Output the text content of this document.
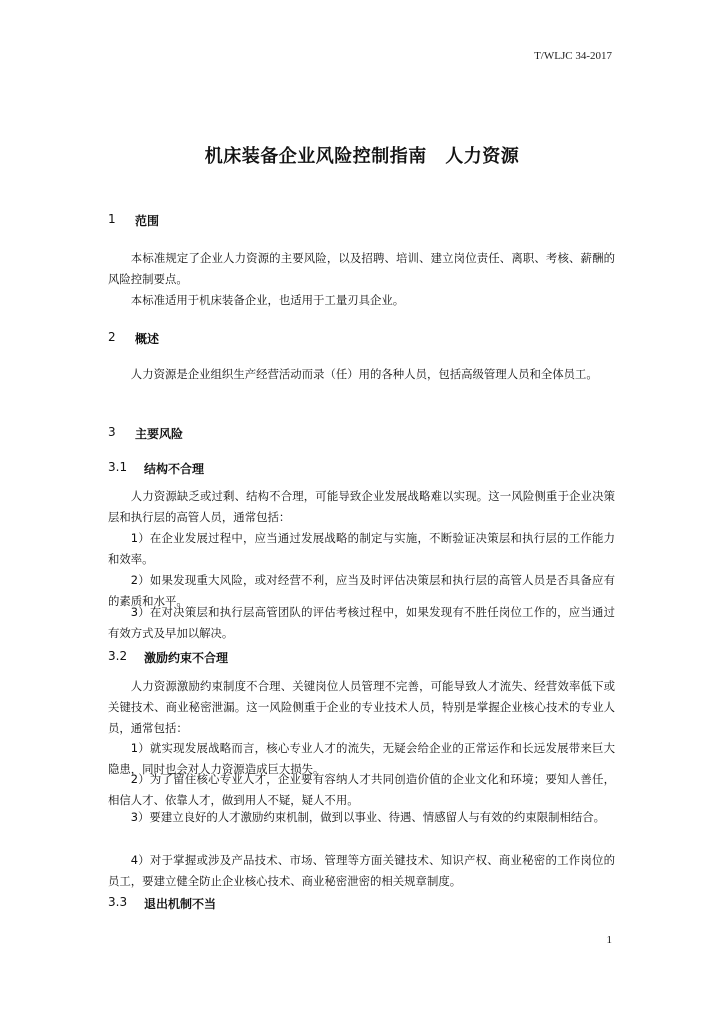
T/WLJC 34-2017
机床装备企业风险控制指南　人力资源
1	范围
本标准规定了企业人力资源的主要风险，以及招聘、培训、建立岗位责任、离职、考核、薪酬的风险控制要点。
本标准适用于机床装备企业，也适用于工量刃具企业。
2	概述
人力资源是企业组织生产经营活动而录（任）用的各种人员，包括高级管理人员和全体员工。
3	主要风险
3.1	结构不合理
人力资源缺乏或过剩、结构不合理，可能导致企业发展战略难以实现。这一风险侧重于企业决策层和执行层的高管人员，通常包括：
1）在企业发展过程中，应当通过发展战略的制定与实施，不断验证决策层和执行层的工作能力和效率。
2）如果发现重大风险，或对经营不利，应当及时评估决策层和执行层的高管人员是否具备应有的素质和水平。
3）在对决策层和执行层高管团队的评估考核过程中，如果发现有不胜任岗位工作的，应当通过有效方式及早加以解决。
3.2	激励约束不合理
人力资源激励约束制度不合理、关键岗位人员管理不完善，可能导致人才流失、经营效率低下或关键技术、商业秘密泄漏。这一风险侧重于企业的专业技术人员，特别是掌握企业核心技术的专业人员，通常包括：
1）就实现发展战略而言，核心专业人才的流失，无疑会给企业的正常运作和长远发展带来巨大隐患，同时也会对人力资源造成巨大损失。
2）为了留住核心专业人才，企业要有容纳人才共同创造价值的企业文化和环境；要知人善任，相信人才、依靠人才，做到用人不疑，疑人不用。
3）要建立良好的人才激励约束机制，做到以事业、待遇、情感留人与有效的约束限制相结合。
4）对于掌握或涉及产品技术、市场、管理等方面关键技术、知识产权、商业秘密的工作岗位的员工，要建立健全防止企业核心技术、商业秘密泄密的相关规章制度。
3.3	退出机制不当
1
